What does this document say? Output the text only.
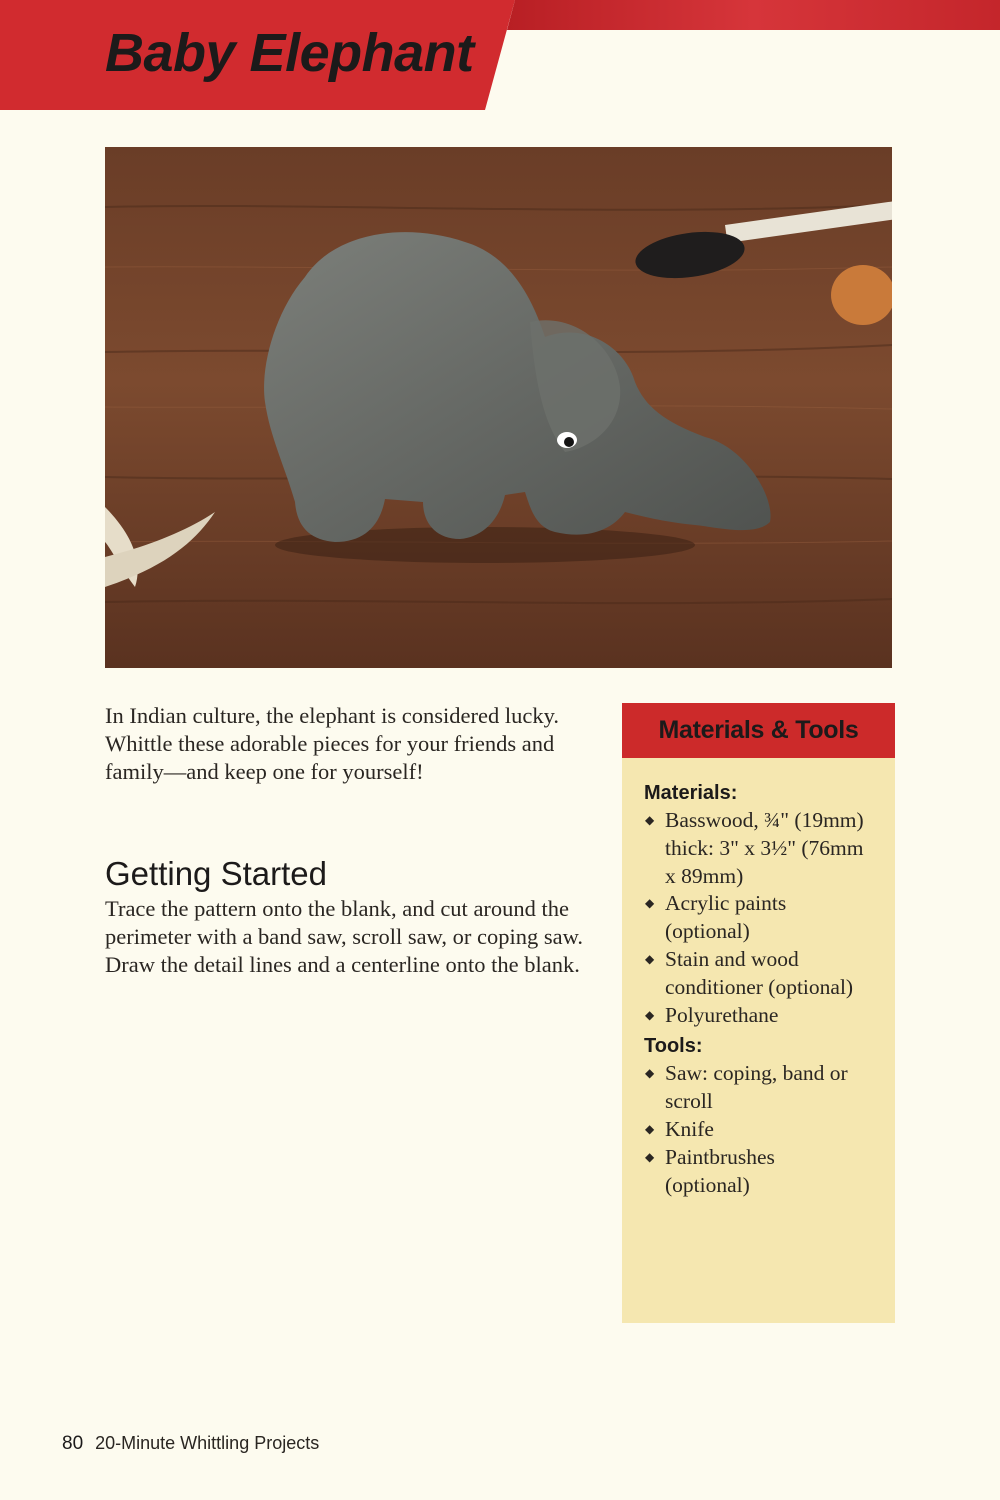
Baby Elephant

In Indian culture, the elephant is considered lucky. Whittle these adorable pieces for your friends and family—and keep one for yourself!

Getting Started

Trace the pattern onto the blank, and cut around the perimeter with a band saw, scroll saw, or coping saw. Draw the detail lines and a centerline onto the blank.

Materials & Tools
Materials:
◆ Basswood, ¾" (19mm) thick: 3" x 3½" (76mm x 89mm)
◆ Acrylic paints (optional)
◆ Stain and wood conditioner (optional)
◆ Polyurethane
Tools:
◆ Saw: coping, band or scroll
◆ Knife
◆ Paintbrushes (optional)
80 20-Minute Whittling Projects
